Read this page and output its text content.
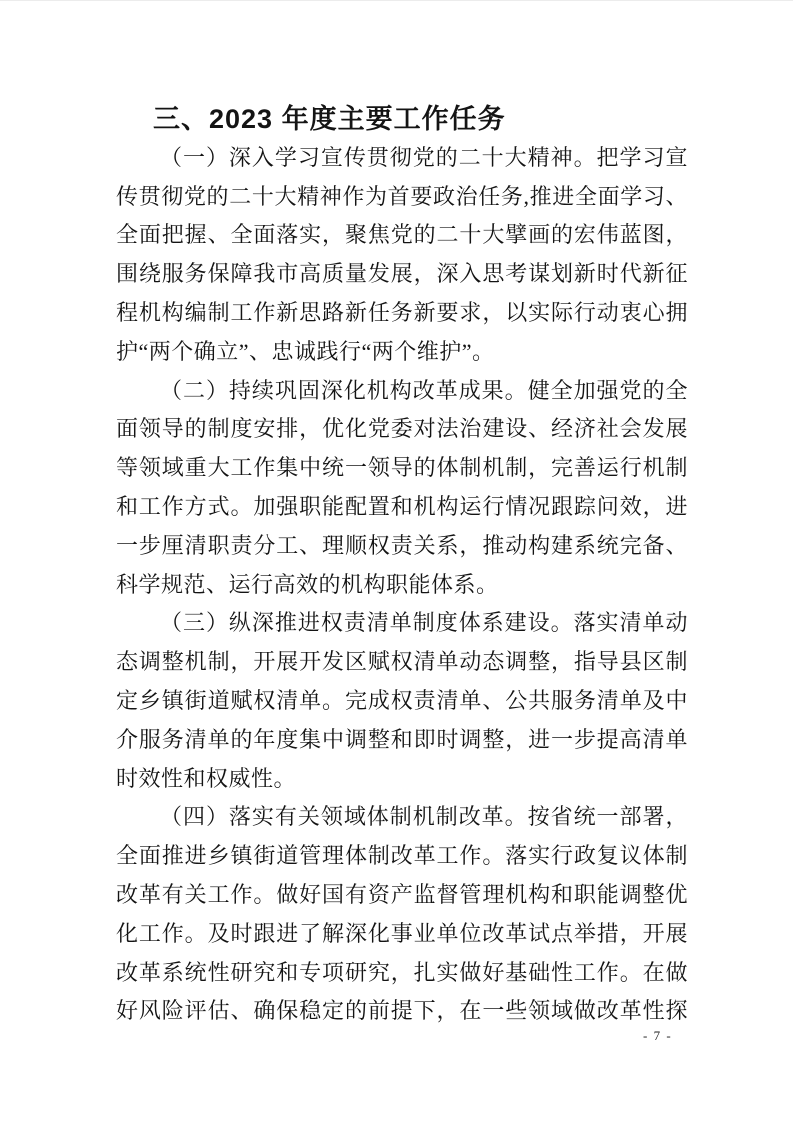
三、2023 年度主要工作任务
（一）深入学习宣传贯彻党的二十大精神。把学习宣
传贯彻党的二十大精神作为首要政治任务,推进全面学习、
全面把握、全面落实，聚焦党的二十大擘画的宏伟蓝图，
围绕服务保障我市高质量发展，深入思考谋划新时代新征
程机构编制工作新思路新任务新要求，以实际行动衷心拥
护“两个确立”、忠诚践行“两个维护”。
（二）持续巩固深化机构改革成果。健全加强党的全
面领导的制度安排，优化党委对法治建设、经济社会发展
等领域重大工作集中统一领导的体制机制，完善运行机制
和工作方式。加强职能配置和机构运行情况跟踪问效，进
一步厘清职责分工、理顺权责关系，推动构建系统完备、
科学规范、运行高效的机构职能体系。
（三）纵深推进权责清单制度体系建设。落实清单动
态调整机制，开展开发区赋权清单动态调整，指导县区制
定乡镇街道赋权清单。完成权责清单、公共服务清单及中
介服务清单的年度集中调整和即时调整，进一步提高清单
时效性和权威性。
（四）落实有关领域体制机制改革。按省统一部署，
全面推进乡镇街道管理体制改革工作。落实行政复议体制
改革有关工作。做好国有资产监督管理机构和职能调整优
化工作。及时跟进了解深化事业单位改革试点举措，开展
改革系统性研究和专项研究，扎实做好基础性工作。在做
好风险评估、确保稳定的前提下，在一些领域做改革性探
- 7 -
